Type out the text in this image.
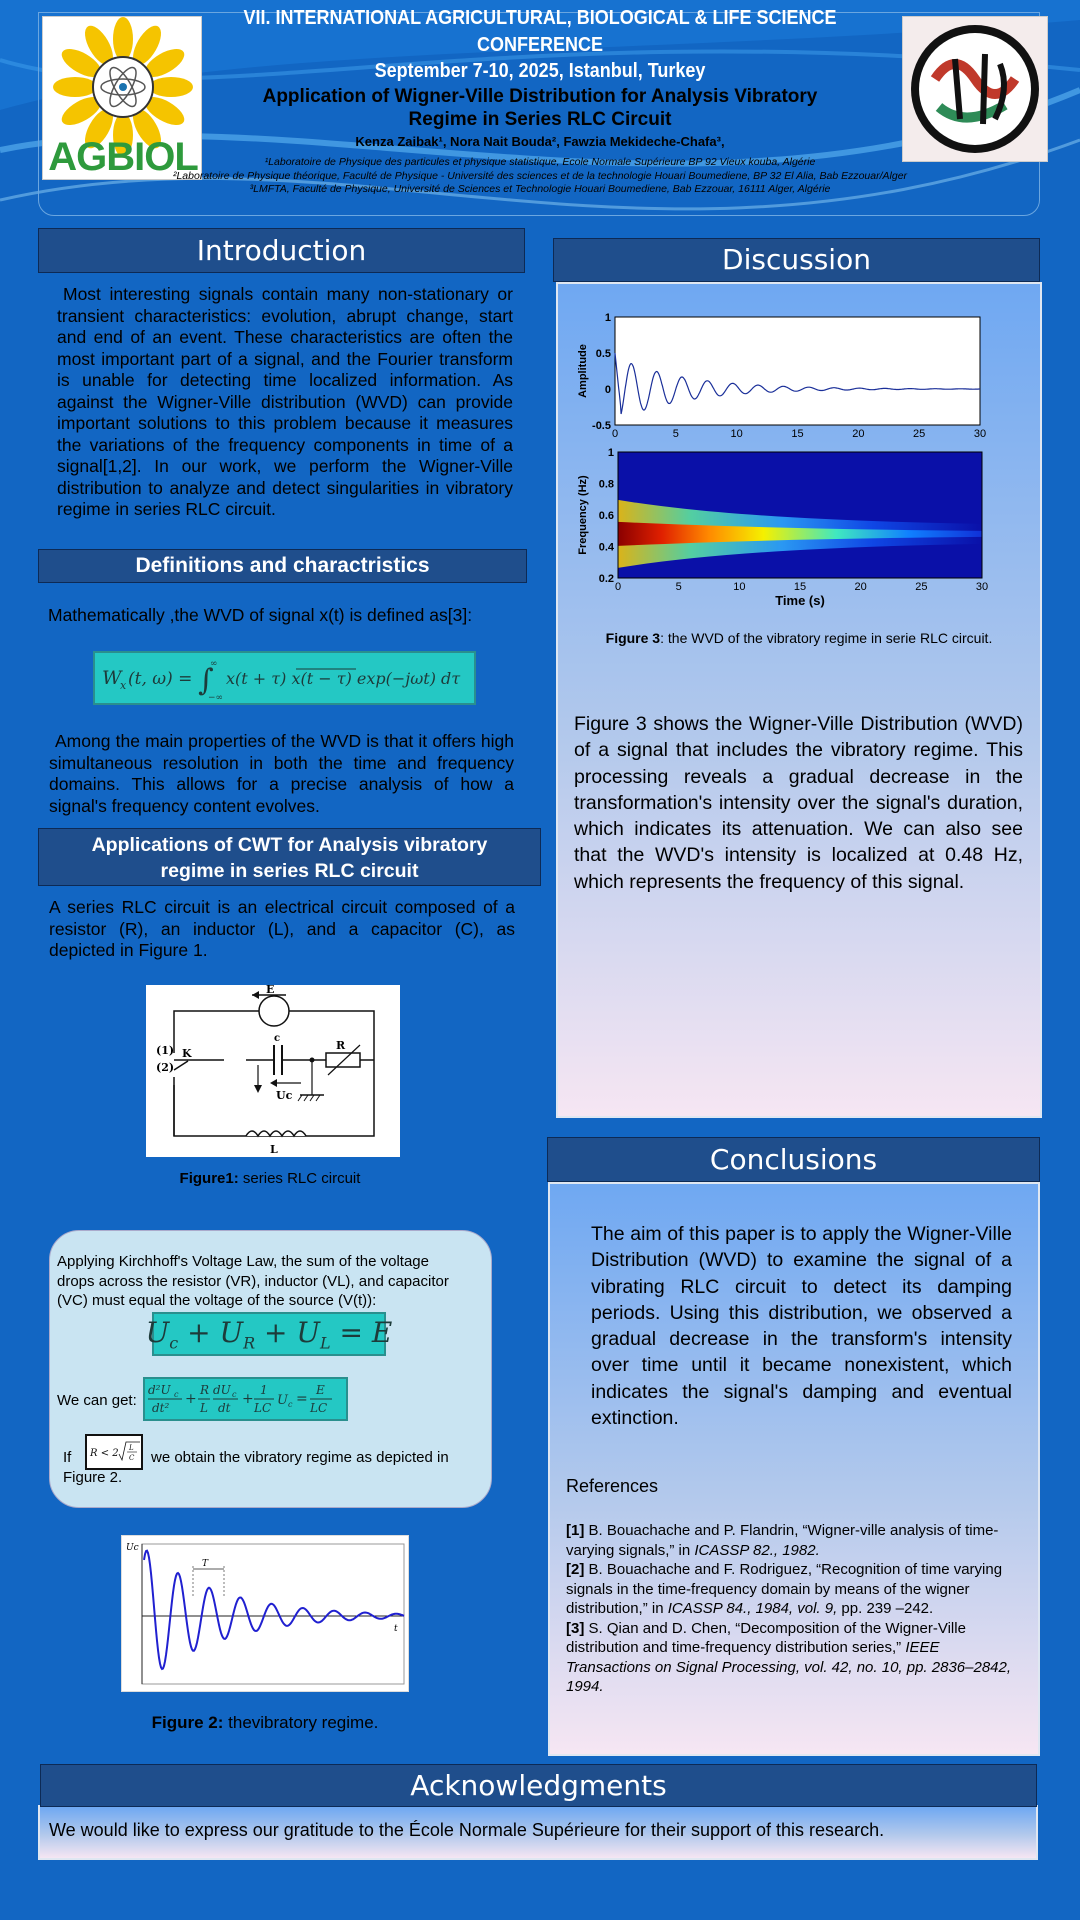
AGBIOL
VII. INTERNATIONAL AGRICULTURAL, BIOLOGICAL & LIFE SCIENCE
CONFERENCE
September 7-10, 2025, Istanbul, Turkey
Application of Wigner-Ville Distribution for Analysis Vibratory
Regime in Series RLC Circuit
Kenza Zaibak¹, Nora Nait Bouda², Fawzia Mekideche-Chafa³,
¹Laboratoire de Physique des particules et physique statistique, Ecole Normale Supérieure BP 92 Vieux kouba, Algérie
²Laboratoire de Physique théorique, Faculté de Physique - Université des sciences et de la technologie Houari Boumediene, BP 32 El Alia, Bab Ezzouar/Alger
³LMFTA, Faculté de Physique, Université de Sciences et Technologie Houari Boumediene, Bab Ezzouar, 16111 Alger, Algérie
Introduction
Most interesting signals contain many non-stationary or transient characteristics: evolution, abrupt change, start and end of an event. These characteristics are often the most important part of a signal, and the Fourier transform is unable for detecting time localized information. As against the Wigner-Ville distribution (WVD) can provide important solutions to this problem because it measures the variations of the frequency components in time of a signal[1,2]. In our work, we perform the Wigner-Ville distribution to analyze and detect singularities in vibratory regime in series RLC circuit.
Definitions and charactristics
Mathematically ,the WVD of signal x(t) is defined as[3]:
W
x (t, ω) = ∫
∞
−∞
x(t + τ) x(t − τ) exp(−jωt) dτ
Among the main properties of the WVD is that it offers high simultaneous resolution in both the time and frequency domains. This allows for a precise analysis of how a signal's frequency content evolves.
Applications of CWT for Analysis vibratory
regime in series RLC circuit
A series RLC circuit is an electrical circuit composed of a resistor (R), an inductor (L), and a capacitor (C), as depicted in Figure 1.
E
(1)
(2)
K
c
Uc
R
L
Figure1: series RLC circuit
Applying Kirchhoff's Voltage Law, the sum of the voltage drops across the resistor (VR), inductor (VL), and capacitor (VC) must equal the voltage of the source (V(t)):
$U_c + U_R + U_L = E$
We can get:
d²U c
dt²
+
R
L
dU c
dt
+
1
LC U c =
E
LC
If R < 2 L
C	we obtain the vibratory regime as depicted in Figure 2.
Uc
T
t
Figure 2: thevibratory regime.
Discussion
0	5	10	15	20	25	30
-0.5
0
0.5
1
Amplitude
0	5	10	15	20	25	30
0.2
0.4
0.6
0.8
1
Time (s)
Frequency (Hz)
Figure 3: the WVD of the vibratory regime in serie RLC circuit.
Figure 3 shows the Wigner-Ville Distribution (WVD) of a signal that includes the vibratory regime. This processing reveals a gradual decrease in the transformation's intensity over the signal's duration, which indicates its attenuation. We can also see that the WVD's intensity is localized at 0.48 Hz, which represents the frequency of this signal.
Conclusions
The aim of this paper is to apply the Wigner-Ville Distribution (WVD) to examine the signal of a vibrating RLC circuit to detect its damping periods. Using this distribution, we observed a gradual decrease in the transform's intensity over time until it became nonexistent, which indicates the signal's damping and eventual extinction.
References
[1] B. Bouachache and P. Flandrin, “Wigner-ville analysis of time-varying signals,” in ICASSP 82., 1982.
[2] B. Bouachache and F. Rodriguez, “Recognition of time varying signals in the time-frequency domain by means of the wigner distribution,” in ICASSP 84., 1984, vol. 9, pp. 239 –242.
[3] S. Qian and D. Chen, “Decomposition of the Wigner-Ville distribution and time-frequency distribution series,” IEEE Transactions on Signal Processing, vol. 42, no. 10, pp. 2836–2842, 1994.
Acknowledgments
We would like to express our gratitude to the École Normale Supérieure for their support of this research.
